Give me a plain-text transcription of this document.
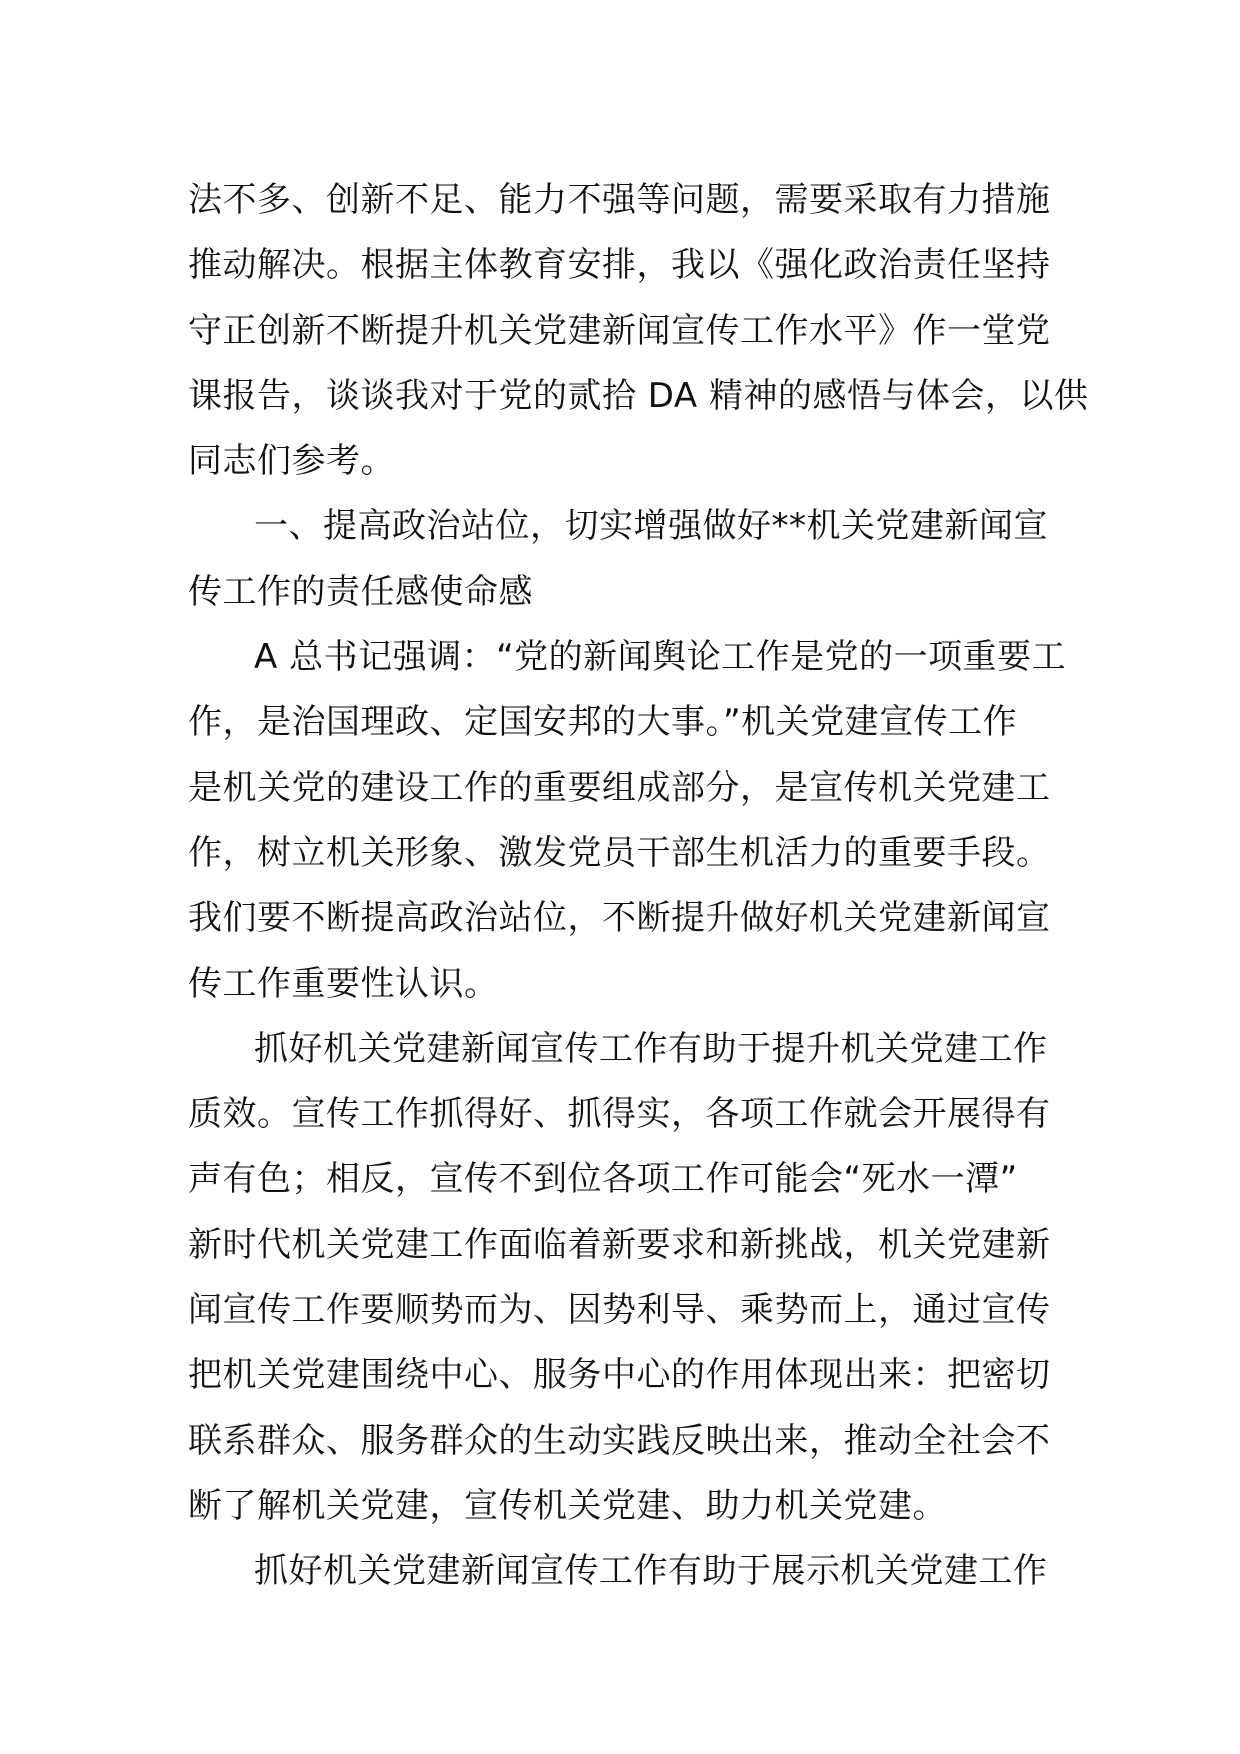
法不多、创新不足、能力不强等问题，需要采取有力措施
推动解决。根据主体教育安排，我以《强化政治责任坚持
守正创新不断提升机关党建新闻宣传工作水平》作一堂党
课报告，谈谈我对于党的贰拾 DA 精神的感悟与体会，以供
同志们参考。
一、提高政治站位，切实增强做好**机关党建新闻宣
传工作的责任感使命感
A 总书记强调：“党的新闻舆论工作是党的一项重要工
作，是治国理政、定国安邦的大事。”机关党建宣传工作
是机关党的建设工作的重要组成部分，是宣传机关党建工
作，树立机关形象、激发党员干部生机活力的重要手段。
我们要不断提高政治站位，不断提升做好机关党建新闻宣
传工作重要性认识。
抓好机关党建新闻宣传工作有助于提升机关党建工作
质效。宣传工作抓得好、抓得实，各项工作就会开展得有
声有色；相反，宣传不到位各项工作可能会“死水一潭”
新时代机关党建工作面临着新要求和新挑战，机关党建新
闻宣传工作要顺势而为、因势利导、乘势而上，通过宣传
把机关党建围绕中心、服务中心的作用体现出来：把密切
联系群众、服务群众的生动实践反映出来，推动全社会不
断了解机关党建，宣传机关党建、助力机关党建。
抓好机关党建新闻宣传工作有助于展示机关党建工作
